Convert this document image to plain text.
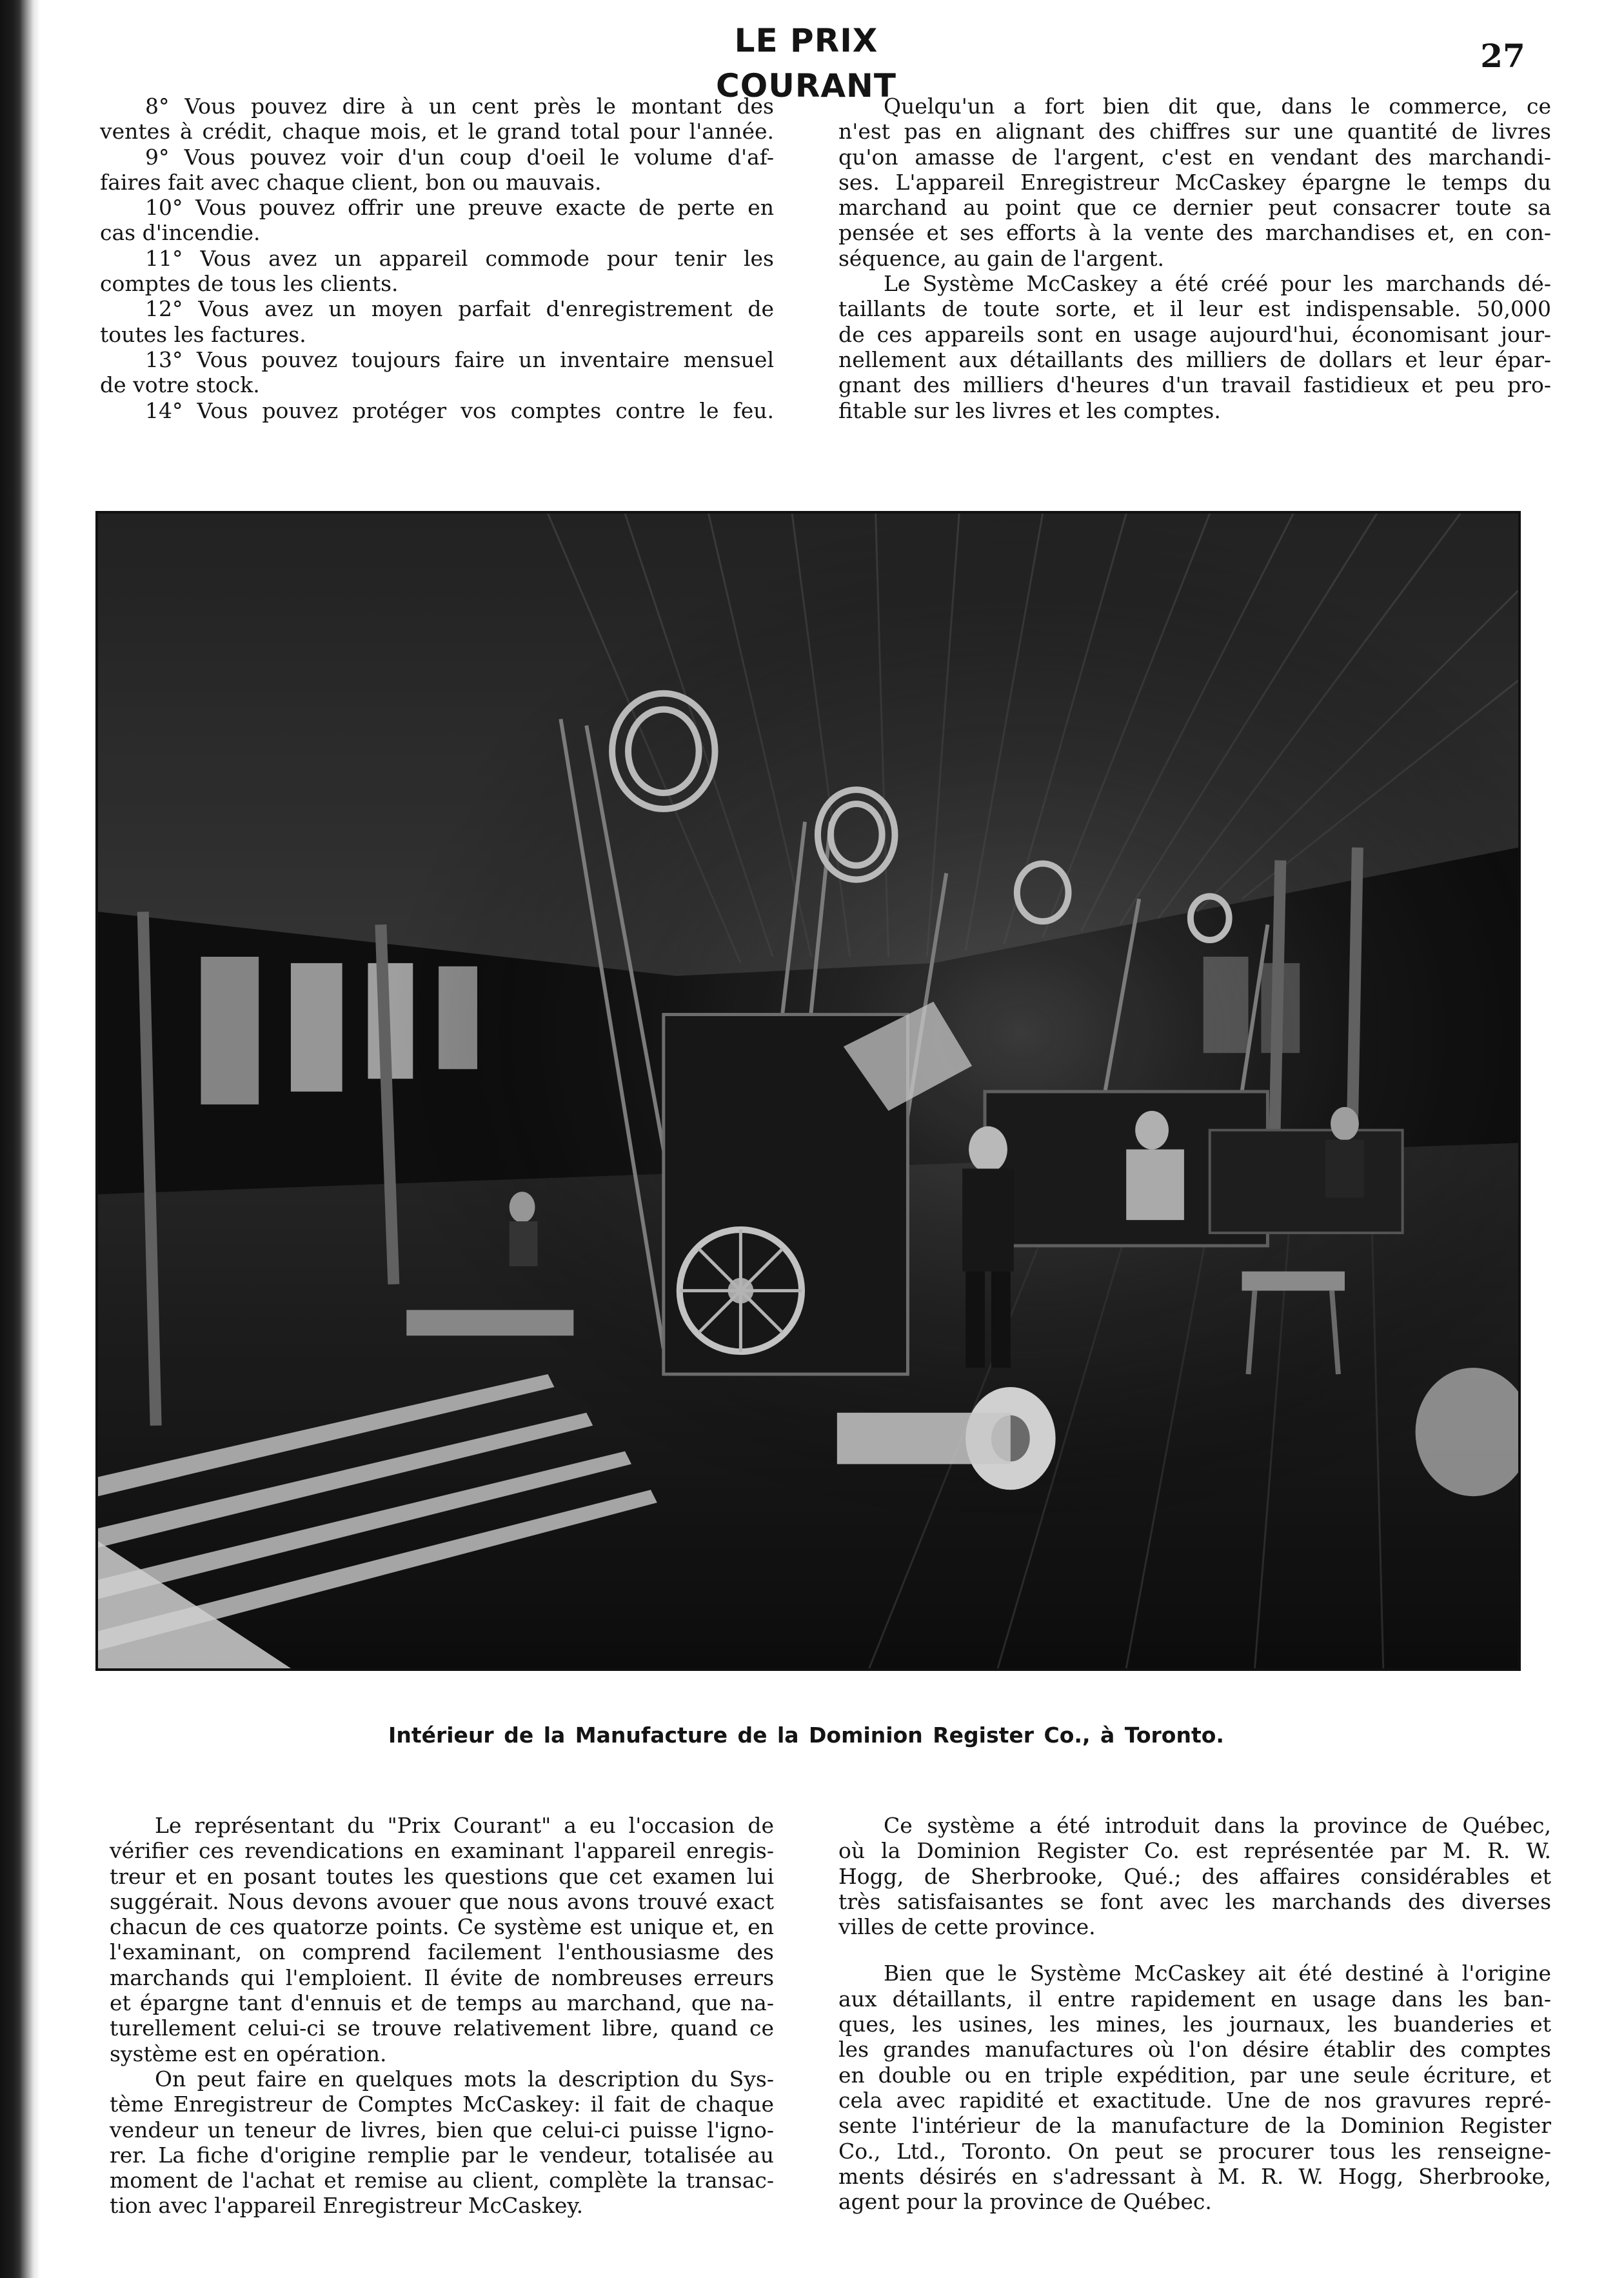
LE PRIX COURANT
27
8° Vous pouvez dire à un cent près le montant des
ventes à crédit, chaque mois, et le grand total pour l'année.
9° Vous pouvez voir d'un coup d'oeil le volume d'af-
faires fait avec chaque client, bon ou mauvais.
10° Vous pouvez offrir une preuve exacte de perte en
cas d'incendie.
11° Vous avez un appareil commode pour tenir les
comptes de tous les clients.
12° Vous avez un moyen parfait d'enregistrement de
toutes les factures.
13° Vous pouvez toujours faire un inventaire mensuel
de votre stock.
14° Vous pouvez protéger vos comptes contre le feu.
Quelqu'un a fort bien dit que, dans le commerce, ce
n'est pas en alignant des chiffres sur une quantité de livres
qu'on amasse de l'argent, c'est en vendant des marchandi-
ses. L'appareil Enregistreur McCaskey épargne le temps du
marchand au point que ce dernier peut consacrer toute sa
pensée et ses efforts à la vente des marchandises et, en con-
séquence, au gain de l'argent.
Le Système McCaskey a été créé pour les marchands dé-
taillants de toute sorte, et il leur est indispensable. 50,000
de ces appareils sont en usage aujourd'hui, économisant jour-
nellement aux détaillants des milliers de dollars et leur épar-
gnant des milliers d'heures d'un travail fastidieux et peu pro-
fitable sur les livres et les comptes.
Intérieur de la Manufacture de la Dominion Register Co., à Toronto.
Le représentant du "Prix Courant" a eu l'occasion de
vérifier ces revendications en examinant l'appareil enregis-
treur et en posant toutes les questions que cet examen lui
suggérait. Nous devons avouer que nous avons trouvé exact
chacun de ces quatorze points. Ce système est unique et, en
l'examinant, on comprend facilement l'enthousiasme des
marchands qui l'emploient. Il évite de nombreuses erreurs
et épargne tant d'ennuis et de temps au marchand, que na-
turellement celui-ci se trouve relativement libre, quand ce
système est en opération.
On peut faire en quelques mots la description du Sys-
tème Enregistreur de Comptes McCaskey: il fait de chaque
vendeur un teneur de livres, bien que celui-ci puisse l'igno-
rer. La fiche d'origine remplie par le vendeur, totalisée au
moment de l'achat et remise au client, complète la transac-
tion avec l'appareil Enregistreur McCaskey.
Ce système a été introduit dans la province de Québec,
où la Dominion Register Co. est représentée par M. R. W.
Hogg, de Sherbrooke, Qué.; des affaires considérables et
très satisfaisantes se font avec les marchands des diverses
villes de cette province.
Bien que le Système McCaskey ait été destiné à l'origine
aux détaillants, il entre rapidement en usage dans les ban-
ques, les usines, les mines, les journaux, les buanderies et
les grandes manufactures où l'on désire établir des comptes
en double ou en triple expédition, par une seule écriture, et
cela avec rapidité et exactitude. Une de nos gravures repré-
sente l'intérieur de la manufacture de la Dominion Register
Co., Ltd., Toronto. On peut se procurer tous les renseigne-
ments désirés en s'adressant à M. R. W. Hogg, Sherbrooke,
agent pour la province de Québec.
